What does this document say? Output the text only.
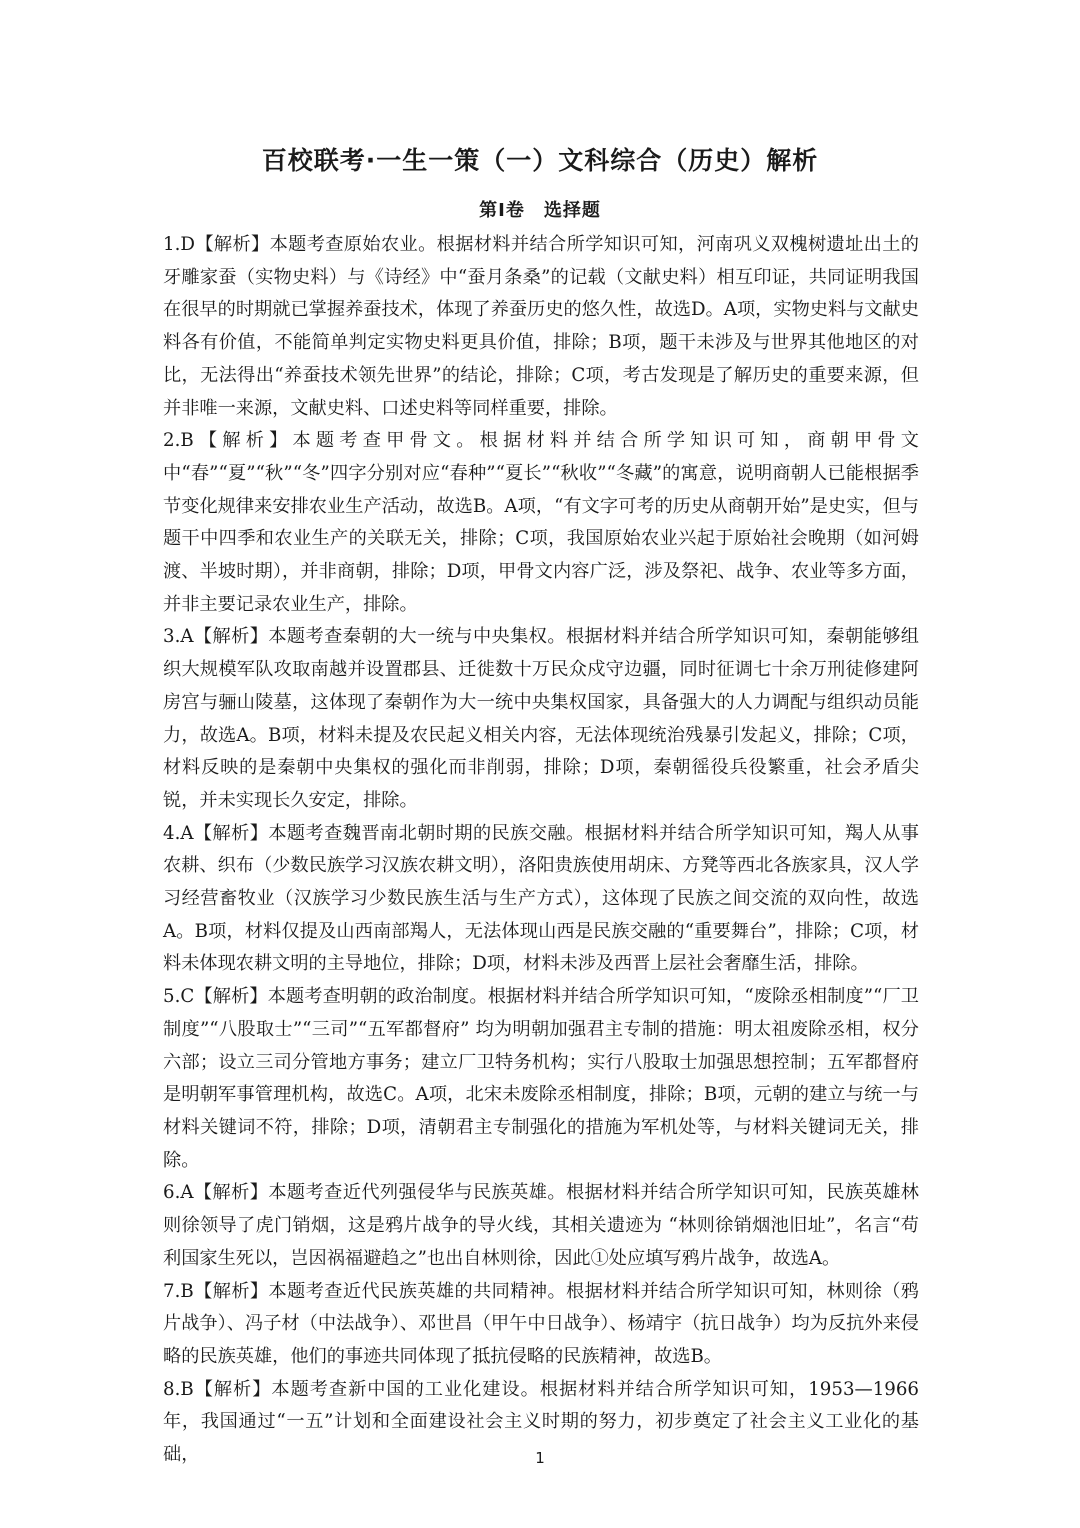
百校联考·一生一策（一）文科综合（历史）解析
第Ⅰ卷　选择题

1.D【解析】本题考查原始农业。根据材料并结合所学知识可知，河南巩义双槐树遗址出土的牙雕家蚕（实物史料）与《诗经》中“蚕月条桑”的记载（文献史料）相互印证，共同证明我国在很早的时期就已掌握养蚕技术，体现了养蚕历史的悠久性，故选D。A项，实物史料与文献史料各有价值，不能简单判定实物史料更具价值，排除；B项，题干未涉及与世界其他地区的对比，无法得出“养蚕技术领先世界”的结论，排除；C项，考古发现是了解历史的重要来源，但并非唯一来源，文献史料、口述史料等同样重要，排除。

2.B【解析】本题考查甲骨文。根据材料并结合所学知识可知，商朝甲骨文中“春”“夏”“秋”“冬”四字分别对应“春种”“夏长”“秋收”“冬藏”的寓意，说明商朝人已能根据季节变化规律来安排农业生产活动，故选B。A项，“有文字可考的历史从商朝开始”是史实，但与题干中四季和农业生产的关联无关，排除；C项，我国原始农业兴起于原始社会晚期（如河姆渡、半坡时期），并非商朝，排除；D项，甲骨文内容广泛，涉及祭祀、战争、农业等多方面，并非主要记录农业生产，排除。

3.A【解析】本题考查秦朝的大一统与中央集权。根据材料并结合所学知识可知，秦朝能够组织大规模军队攻取南越并设置郡县、迁徙数十万民众戍守边疆，同时征调七十余万刑徒修建阿房宫与骊山陵墓，这体现了秦朝作为大一统中央集权国家，具备强大的人力调配与组织动员能力，故选A。B项，材料未提及农民起义相关内容，无法体现统治残暴引发起义，排除；C项，材料反映的是秦朝中央集权的强化而非削弱，排除；D项，秦朝徭役兵役繁重，社会矛盾尖锐，并未实现长久安定，排除。

4.A【解析】本题考查魏晋南北朝时期的民族交融。根据材料并结合所学知识可知，羯人从事农耕、织布（少数民族学习汉族农耕文明），洛阳贵族使用胡床、方凳等西北各族家具，汉人学习经营畜牧业（汉族学习少数民族生活与生产方式），这体现了民族之间交流的双向性，故选A。B项，材料仅提及山西南部羯人，无法体现山西是民族交融的“重要舞台”，排除；C项，材料未体现农耕文明的主导地位，排除；D项，材料未涉及西晋上层社会奢靡生活，排除。

5.C【解析】本题考查明朝的政治制度。根据材料并结合所学知识可知，“废除丞相制度”“厂卫制度”“八股取士”“三司”“五军都督府” 均为明朝加强君主专制的措施：明太祖废除丞相，权分六部；设立三司分管地方事务；建立厂卫特务机构；实行八股取士加强思想控制；五军都督府是明朝军事管理机构，故选C。A项，北宋未废除丞相制度，排除；B项，元朝的建立与统一与材料关键词不符，排除；D项，清朝君主专制强化的措施为军机处等，与材料关键词无关，排除。

6.A【解析】本题考查近代列强侵华与民族英雄。根据材料并结合所学知识可知，民族英雄林则徐领导了虎门销烟，这是鸦片战争的导火线，其相关遗迹为 “林则徐销烟池旧址”，名言“苟利国家生死以，岂因祸福避趋之”也出自林则徐，因此①处应填写鸦片战争，故选A。

7.B【解析】本题考查近代民族英雄的共同精神。根据材料并结合所学知识可知，林则徐（鸦片战争）、冯子材（中法战争）、邓世昌（甲午中日战争）、杨靖宇（抗日战争）均为反抗外来侵略的民族英雄，他们的事迹共同体现了抵抗侵略的民族精神，故选B。

8.B【解析】本题考查新中国的工业化建设。根据材料并结合所学知识可知，1953—1966年，我国通过“一五”计划和全面建设社会主义时期的努力，初步奠定了社会主义工业化的基础，	1
